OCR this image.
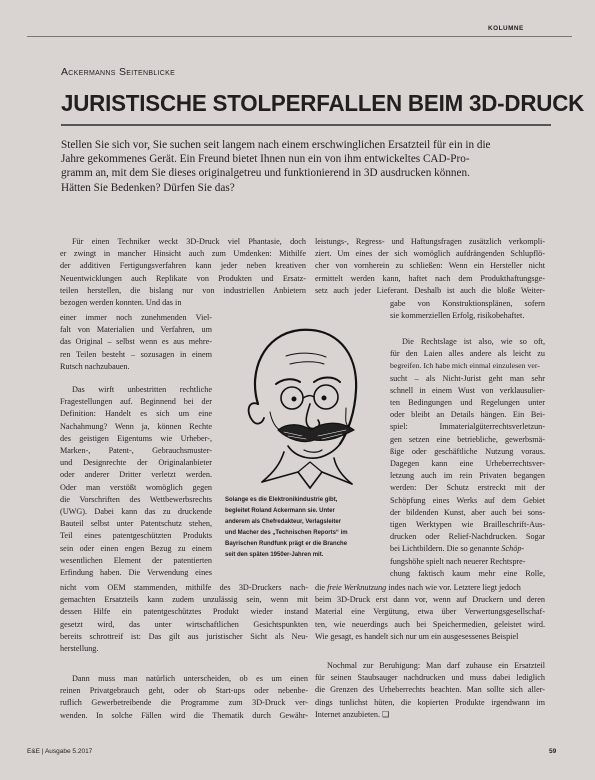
KOLUMNE
Ackermanns Seitenblicke
JURISTISCHE STOLPERFALLEN BEIM 3D-DRUCK
Stellen Sie sich vor, Sie suchen seit langem nach einem erschwinglichen Ersatzteil für ein in die
Jahre gekommenes Gerät. Ein Freund bietet Ihnen nun ein von ihm entwickeltes CAD-Pro-
gramm an, mit dem Sie dieses originalgetreu und funktionierend in 3D ausdrucken können.
Hätten Sie Bedenken? Dürfen Sie das?
Für einen Techniker weckt 3D-Druck viel Phantasie, doch
er zwingt in mancher Hinsicht auch zum Umdenken: Mithilfe
der additiven Fertigungsverfahren kann jeder neben kreativen
Neuentwicklungen auch Replikate von Produkten und Ersatz-
teilen herstellen, die bislang nur von industriellen Anbietern
bezogen werden konnten. Und das in
einer immer noch zunehmenden Viel-
falt von Materialien und Verfahren, um
das Original – selbst wenn es aus mehre-
ren Teilen besteht – sozusagen in einem
Rutsch nachzubauen.
Das wirft unbestritten rechtliche
Fragestellungen auf. Beginnend bei der
Definition: Handelt es sich um eine
Nachahmung? Wenn ja, können Rechte
des geistigen Eigentums wie Urheber-,
Marken-, Patent-, Gebrauchsmuster-
und Designrechte der Originalanbieter
oder anderer Dritter verletzt werden.
Oder man verstößt womöglich gegen
die Vorschriften des Wettbewerbsrechts
(UWG). Dabei kann das zu druckende
Bauteil selbst unter Patentschutz stehen,
Teil eines patentgeschützten Produkts
sein oder einen engen Bezug zu einem
wesentlichen Element der patentierten
Erfindung haben. Die Verwendung eines
nicht vom OEM stammenden, mithilfe des 3D-Druckers nach-
gemachten Ersatzteils kann zudem unzulässig sein, wenn mit
dessen Hilfe ein patentgeschütztes Produkt wieder instand
gesetzt wird, das unter wirtschaftlichen Gesichtspunkten
bereits schrottreif ist: Das gilt aus juristischer Sicht als Neu-
herstellung.
Dann muss man natürlich unterscheiden, ob es um einen
reinen Privatgebrauch geht, oder ob Start-ups oder nebenbe-
ruflich Gewerbetreibende die Programme zum 3D-Druck ver-
wenden. In solche Fällen wird die Thematik durch Gewähr-
leistungs-, Regress- und Haftungsfragen zusätzlich verkompli-
ziert. Um eines der sich womöglich aufdrängenden Schlupflö-
cher von vornherein zu schließen: Wenn ein Hersteller nicht
ermittelt werden kann, haftet nach dem Produkthaftungsge-
setz auch jeder Lieferant. Deshalb ist auch die bloße Weiter-
gabe von Konstruktionsplänen, sofern
sie kommerziellen Erfolg, risikobehaftet.
Die Rechtslage ist also, wie so oft,
für den Laien alles andere als leicht zu
begreifen. Ich habe mich einmal einzulesen ver-
sucht – als Nicht-Jurist geht man sehr
schnell in einem Wust von verklausulier-
ten Bedingungen und Regelungen unter
oder bleibt an Details hängen. Ein Bei-
spiel: Immaterialgüterrechtsverletzun-
gen setzen eine betriebliche, gewerbsmä-
ßige oder geschäftliche Nutzung voraus.
Dagegen kann eine Urheberrechtsver-
letzung auch im rein Privaten begangen
werden: Der Schutz erstreckt mit der
Schöpfung eines Werks auf dem Gebiet
der bildenden Kunst, aber auch bei sons-
tigen Werktypen wie Brailleschrift-Aus-
drucken oder Relief-Nachdrucken. Sogar
bei Lichtbildern. Die so genannte Schöp-
fungshöhe spielt nach neuerer Rechtspre-
chung faktisch kaum mehr eine Rolle,
die freie Werknutzung indes nach wie vor. Letztere liegt jedoch
beim 3D-Druck erst dann vor, wenn auf Druckern und deren
Material eine Vergütung, etwa über Verwertungsgesellschaf-
ten, wie neuerdings auch bei Speichermedien, geleistet wird.
Wie gesagt, es handelt sich nur um ein ausgesessenes Beispiel
Nochmal zur Beruhigung: Man darf zuhause ein Ersatzteil
für seinen Staubsauger nachdrucken und muss dabei lediglich
die Grenzen des Urheberrechts beachten. Man sollte sich aller-
dings tunlichst hüten, die kopierten Produkte irgendwann im
Internet anzubieten. ❑
Solange es die Elektronikindustrie gibt,
begleitet Roland Ackermann sie. Unter
anderem als Chefredakteur, Verlagsleiter
und Macher des „Technischen Reports“ im
Bayrischen Rundfunk prägt er die Branche
seit den späten 1950er-Jahren mit.
E&E | Ausgabe 5.2017	59
